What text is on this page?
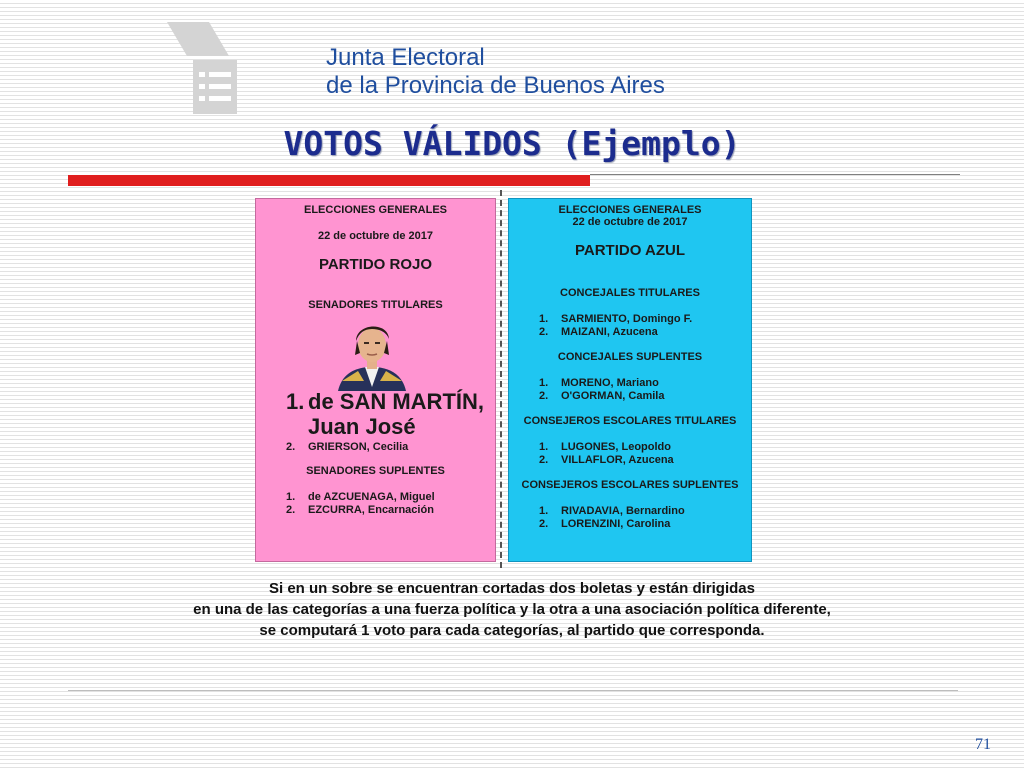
Junta Electoral
de la Provincia de Buenos Aires
VOTOS VÁLIDOS (Ejemplo)
ELECCIONES GENERALES
22 de octubre de 2017
PARTIDO ROJO
SENADORES TITULARES
1. de SAN MARTÍN,
Juan José
2.	GRIERSON, Cecilia
SENADORES SUPLENTES
1.	de AZCUENAGA, Miguel
2.	EZCURRA, Encarnación
ELECCIONES GENERALES
22 de octubre de 2017
PARTIDO AZUL
CONCEJALES TITULARES
1.	SARMIENTO, Domingo F.
2.	MAIZANI, Azucena
CONCEJALES SUPLENTES
1.	MORENO, Mariano
2.	O'GORMAN, Camila
CONSEJEROS ESCOLARES TITULARES
1.	LUGONES, Leopoldo
2.	VILLAFLOR, Azucena
CONSEJEROS ESCOLARES SUPLENTES
1.	RIVADAVIA, Bernardino
2.	LORENZINI, Carolina
Si en un sobre se encuentran cortadas dos boletas y están dirigidas
en una de las categorías a una fuerza política y la otra a una asociación política diferente,
se computará 1 voto para cada categorías, al partido que corresponda.
71
